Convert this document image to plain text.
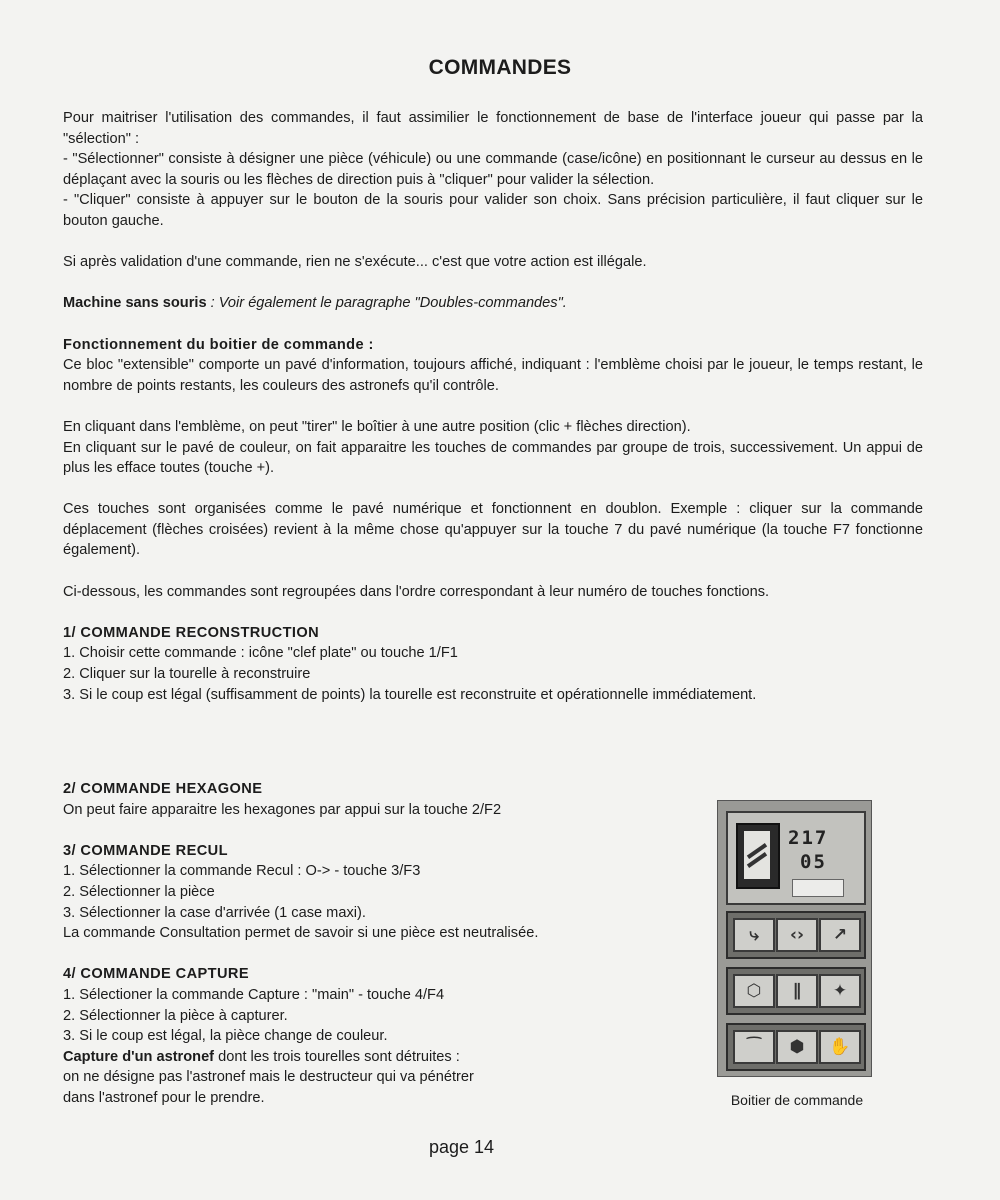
COMMANDES

Pour maitriser l'utilisation des commandes, il faut assimilier le fonctionnement de base de l'interface joueur qui passe par la "sélection" :

- "Sélectionner" consiste à désigner une pièce (véhicule) ou une commande (case/icône) en positionnant le curseur au dessus en le déplaçant avec la souris ou les flèches de direction puis à "cliquer" pour valider la sélection.

- "Cliquer" consiste à appuyer sur le bouton de la souris pour valider son choix. Sans précision particulière, il faut cliquer sur le bouton gauche.

Si après validation d'une commande, rien ne s'exécute... c'est que votre action est illégale.

Machine sans souris : Voir également le paragraphe "Doubles-commandes".

Fonctionnement du boitier de commande :

Ce bloc "extensible" comporte un pavé d'information, toujours affiché, indiquant : l'emblème choisi par le joueur, le temps restant, le nombre de points restants, les couleurs des astronefs qu'il contrôle.

En cliquant dans l'emblème, on peut "tirer" le boîtier à une autre position (clic + flèches direction).

En cliquant sur le pavé de couleur, on fait apparaitre les touches de commandes par groupe de trois, successivement. Un appui de plus les efface toutes (touche +).

Ces touches sont organisées comme le pavé numérique et fonctionnent en doublon. Exemple : cliquer sur la commande déplacement (flèches croisées) revient à la même chose qu'appuyer sur la touche 7 du pavé numérique (la touche F7 fonctionne également).

Ci-dessous, les commandes sont regroupées dans l'ordre correspondant à leur numéro de touches fonctions.

1/ COMMANDE RECONSTRUCTION

1. Choisir cette commande : icône "clef plate" ou touche 1/F1

2. Cliquer sur la tourelle à reconstruire

3. Si le coup est légal (suffisamment de points) la tourelle est reconstruite et opérationnelle immédiatement.

2/ COMMANDE HEXAGONE

On peut faire apparaitre les hexagones par appui sur la touche 2/F2

3/ COMMANDE RECUL

1. Sélectionner la commande Recul : O-> - touche 3/F3

2. Sélectionner la pièce

3. Sélectionner la case d'arrivée (1 case maxi).

La commande Consultation permet de savoir si une pièce est neutralisée.

4/ COMMANDE CAPTURE

1. Sélectioner la commande Capture : "main" - touche 4/F4

2. Sélectionner la pièce à capturer.

3. Si le coup est légal, la pièce change de couleur.

Capture d'un astronef dont les trois tourelles sont détruites :

on ne désigne pas l'astronef mais le destructeur qui va pénétrer

dans l'astronef pour le prendre.

217
05
⤷	‹›	↗
⬡	∥	✦
⁀	⬢	✋
Boitier de commande
page 14
